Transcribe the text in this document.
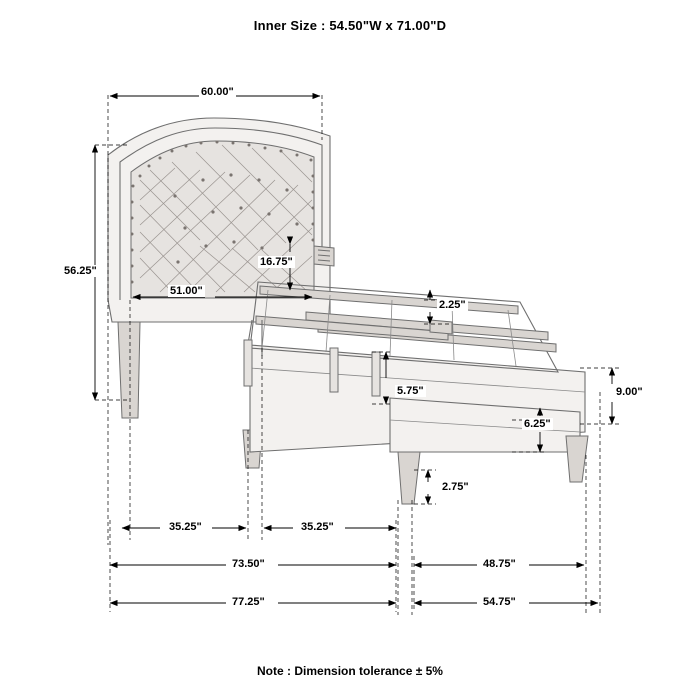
Inner Size : 54.50"W x 71.00"D
60.00"
56.25"
51.00"
16.75"
2.25"
5.75"
6.25"
2.75"
9.00"
35.25"	35.25"
73.50"	48.75"
77.25"	54.75"
Note : Dimension tolerance ± 5%
